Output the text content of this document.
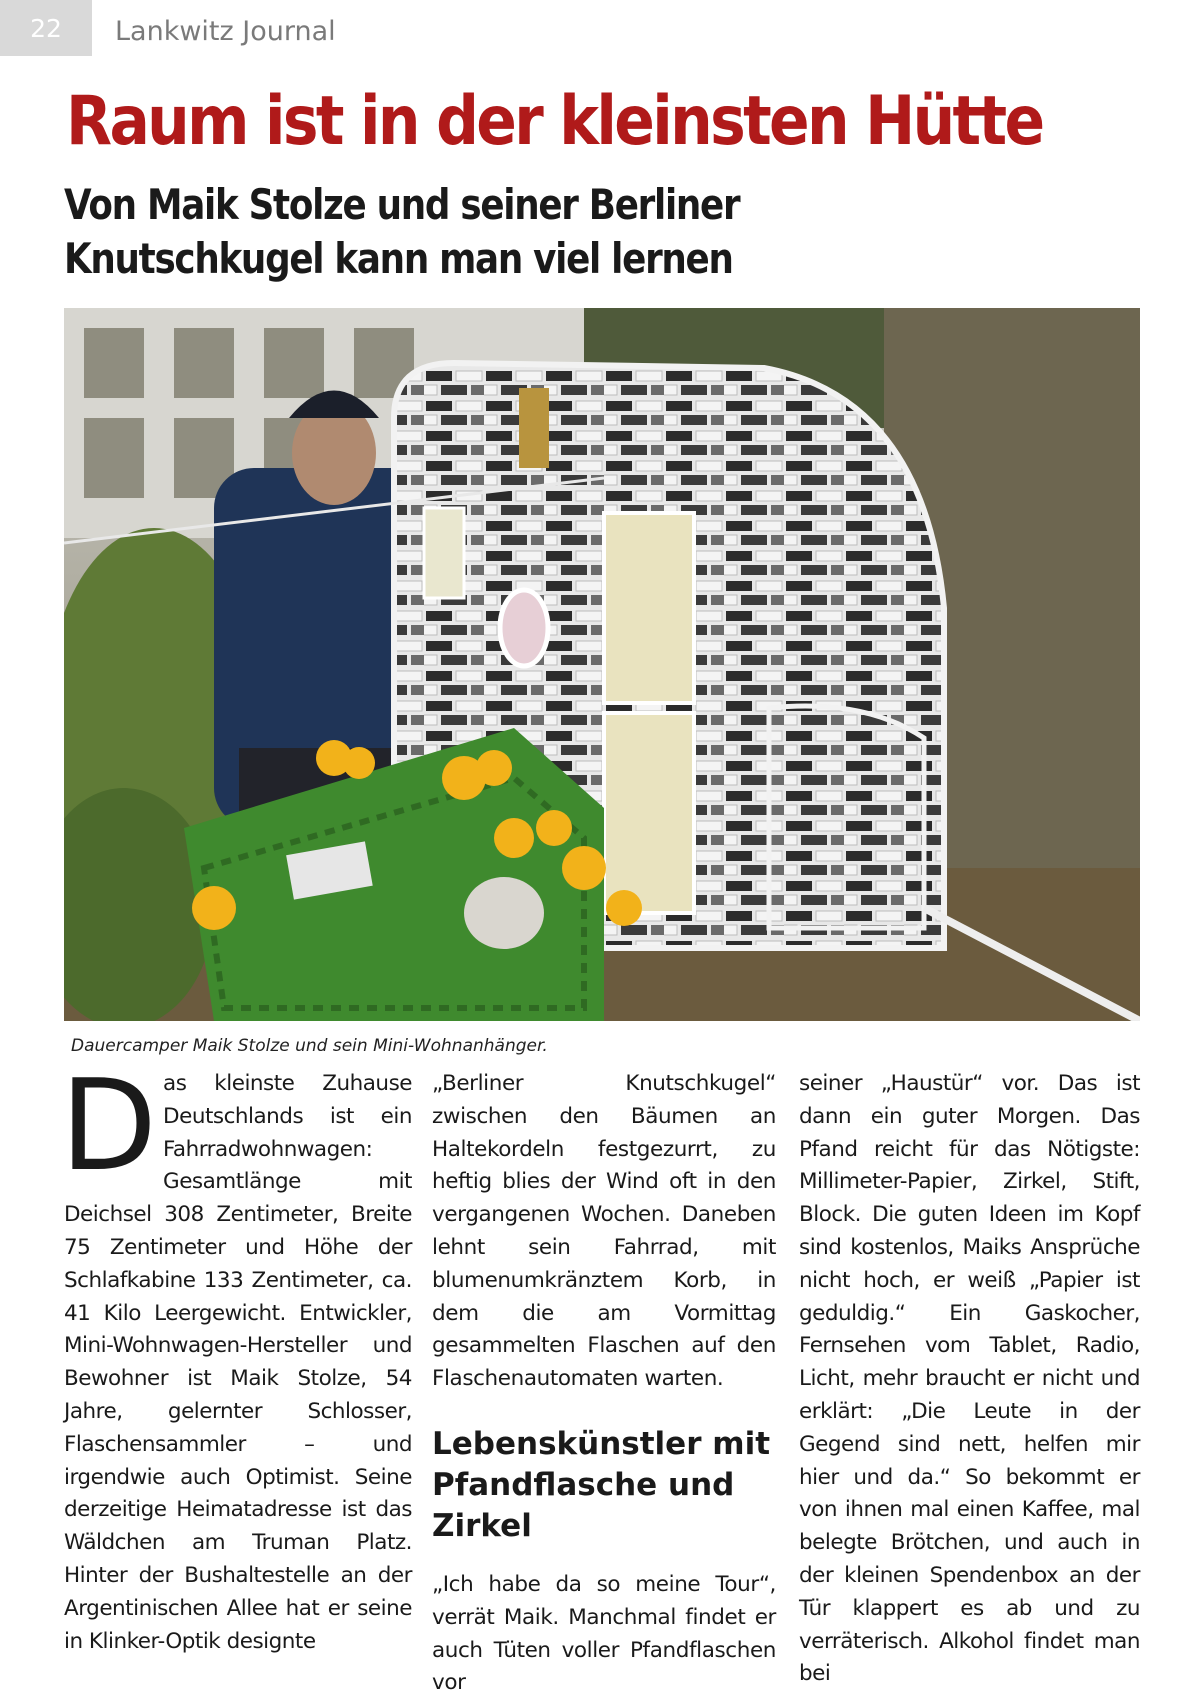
22	Lankwitz Journal
Raum ist in der kleinsten Hütte
Von Maik Stolze und seiner Berliner Knutschkugel kann man viel lernen
Dauercamper Maik Stolze und sein Mini-Wohnanhänger.
D as kleinste Zuhause Deutschlands ist ein Fahrradwohnwagen: Gesamtlänge mit Deichsel 308 Zentimeter, Breite 75 Zentimeter und Höhe der Schlafkabine 133 Zentimeter, ca. 41 Kilo Leergewicht. Entwickler, Mini-Wohnwagen-Hersteller und Bewohner ist Maik Stolze, 54 Jahre, gelernter Schlosser, Flaschensammler – und irgendwie auch Optimist. Seine derzeitige Heimatadresse ist das Wäldchen am Truman Platz. Hinter der Bushaltestelle an der Argentinischen Allee hat er seine in Klinker-Optik designte

„Berliner Knutschkugel“ zwischen den Bäumen an Haltekordeln festgezurrt, zu heftig blies der Wind oft in den vergangenen Wochen. Daneben lehnt sein Fahrrad, mit blumenumkränztem Korb, in dem die am Vormittag gesammelten Flaschen auf den Flaschenautomaten warten.

Lebenskünstler mit Pfandflasche und Zirkel

„Ich habe da so meine Tour“, verrät Maik. Manchmal findet er auch Tüten voller Pfandflaschen vor

seiner „Haustür“ vor. Das ist dann ein guter Morgen. Das Pfand reicht für das Nötigste: Millimeter-Papier, Zirkel, Stift, Block. Die guten Ideen im Kopf sind kostenlos, Maiks Ansprüche nicht hoch, er weiß „Papier ist geduldig.“ Ein Gaskocher, Fernsehen vom Tablet, Radio, Licht, mehr braucht er nicht und erklärt: „Die Leute in der Gegend sind nett, helfen mir hier und da.“ So bekommt er von ihnen mal einen Kaffee, mal belegte Brötchen, und auch in der kleinen Spendenbox an der Tür klappert es ab und zu verräterisch. Alkohol findet man bei
